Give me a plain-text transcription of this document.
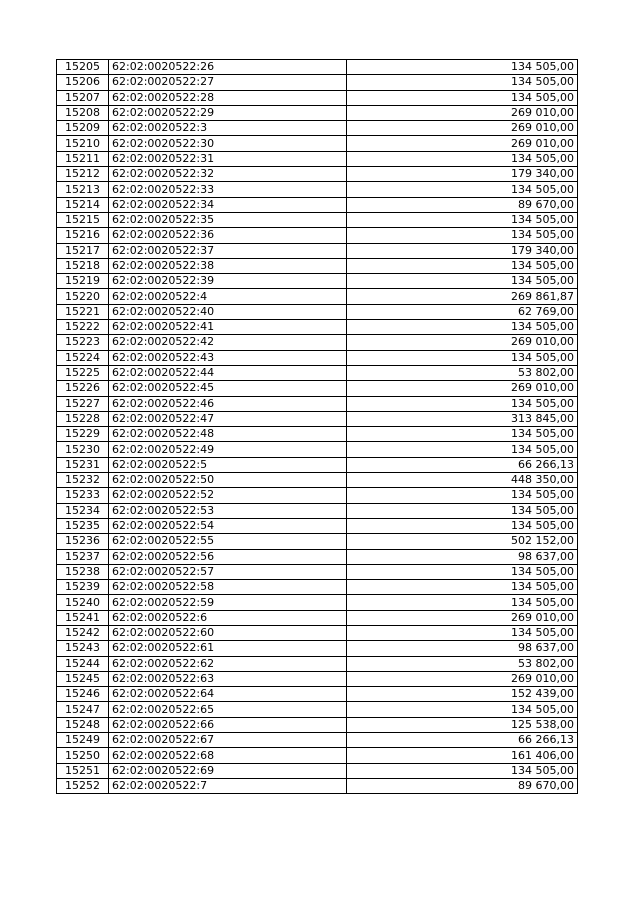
15205	62:02:0020522:26	134 505,00
15206	62:02:0020522:27	134 505,00
15207	62:02:0020522:28	134 505,00
15208	62:02:0020522:29	269 010,00
15209	62:02:0020522:3	269 010,00
15210	62:02:0020522:30	269 010,00
15211	62:02:0020522:31	134 505,00
15212	62:02:0020522:32	179 340,00
15213	62:02:0020522:33	134 505,00
15214	62:02:0020522:34	89 670,00
15215	62:02:0020522:35	134 505,00
15216	62:02:0020522:36	134 505,00
15217	62:02:0020522:37	179 340,00
15218	62:02:0020522:38	134 505,00
15219	62:02:0020522:39	134 505,00
15220	62:02:0020522:4	269 861,87
15221	62:02:0020522:40	62 769,00
15222	62:02:0020522:41	134 505,00
15223	62:02:0020522:42	269 010,00
15224	62:02:0020522:43	134 505,00
15225	62:02:0020522:44	53 802,00
15226	62:02:0020522:45	269 010,00
15227	62:02:0020522:46	134 505,00
15228	62:02:0020522:47	313 845,00
15229	62:02:0020522:48	134 505,00
15230	62:02:0020522:49	134 505,00
15231	62:02:0020522:5	66 266,13
15232	62:02:0020522:50	448 350,00
15233	62:02:0020522:52	134 505,00
15234	62:02:0020522:53	134 505,00
15235	62:02:0020522:54	134 505,00
15236	62:02:0020522:55	502 152,00
15237	62:02:0020522:56	98 637,00
15238	62:02:0020522:57	134 505,00
15239	62:02:0020522:58	134 505,00
15240	62:02:0020522:59	134 505,00
15241	62:02:0020522:6	269 010,00
15242	62:02:0020522:60	134 505,00
15243	62:02:0020522:61	98 637,00
15244	62:02:0020522:62	53 802,00
15245	62:02:0020522:63	269 010,00
15246	62:02:0020522:64	152 439,00
15247	62:02:0020522:65	134 505,00
15248	62:02:0020522:66	125 538,00
15249	62:02:0020522:67	66 266,13
15250	62:02:0020522:68	161 406,00
15251	62:02:0020522:69	134 505,00
15252	62:02:0020522:7	89 670,00
